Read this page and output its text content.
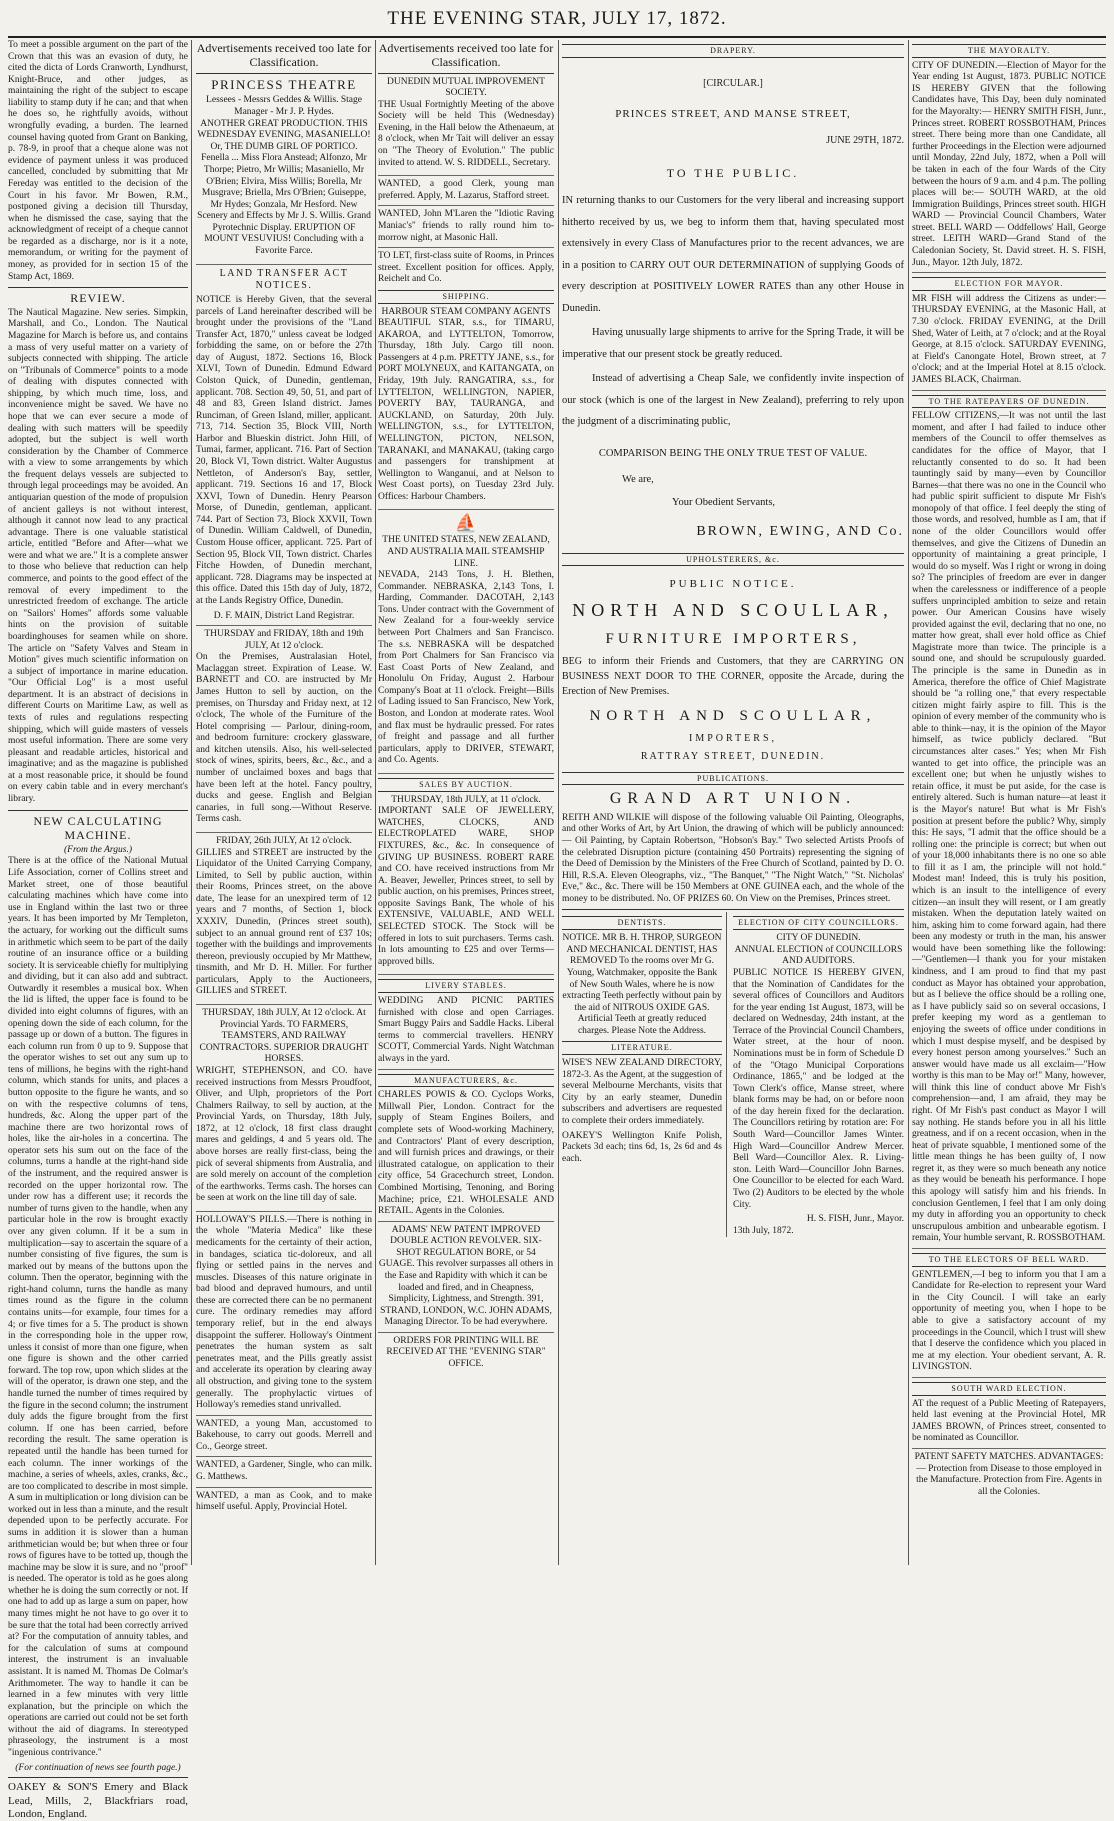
THE EVENING STAR, JULY 17, 1872.

To meet a possible argument on the part of the Crown that this was an evasion of duty, he cited the dicta of Lords Cranworth, Lyndhurst, Knight-Bruce, and other judges, as maintaining the right of the subject to escape liability to stamp duty if he can; and that when he does so, he rightfully avoids, without wrongfully evading, a burden. The learned counsel having quoted from Grant on Banking, p. 78-9, in proof that a cheque alone was not evidence of payment unless it was produced cancelled, concluded by submitting that Mr Fereday was entitled to the decision of the Court in his favor. Mr Bowen, R.M., postponed giving a decision till Thursday, when he dismissed the case, saying that the acknowledgment of receipt of a cheque cannot be regarded as a discharge, nor is it a note, memorandum, or writing for the payment of money, as provided for in section 15 of the Stamp Act, 1869.

REVIEW.

The Nautical Magazine. New series. Simpkin, Marshall, and Co., London. The Nautical Magazine for March is before us, and contains a mass of very useful matter on a variety of subjects connected with shipping. The article on "Tribunals of Commerce" points to a mode of dealing with disputes connected with shipping, by which much time, loss, and inconvenience might be saved. We have no hope that we can ever secure a mode of dealing with such matters will be speedily adopted, but the subject is well worth consideration by the Chamber of Commerce with a view to some arrangements by which the frequent delays vessels are subjected to through legal proceedings may be avoided. An antiquarian question of the mode of propulsion of ancient galleys is not without interest, although it cannot now lead to any practical advantage. There is one valuable statistical article, entitled "Before and After—what we were and what we are." It is a complete answer to those who believe that reduction can help commerce, and points to the good effect of the removal of every impediment to the unrestricted freedom of exchange. The article on "Sailors' Homes" affords some valuable hints on the provision of suitable boardinghouses for seamen while on shore. The article on "Safety Valves and Steam in Motion" gives much scientific information on a subject of importance in marine education. "Our Official Log" is a most useful department. It is an abstract of decisions in different Courts on Maritime Law, as well as texts of rules and regulations respecting shipping, which will guide masters of vessels most useful information. There are some very pleasant and readable articles, historical and imaginative; and as the magazine is published at a most reasonable price, it should be found on every cabin table and in every merchant's library.

NEW CALCULATING MACHINE.
(From the Argus.)

There is at the office of the National Mutual Life Association, corner of Collins street and Market street, one of those beautiful calculating machines which have come into use in England within the last two or three years. It has been imported by Mr Templeton, the actuary, for working out the difficult sums in arithmetic which seem to be part of the daily routine of an insurance office or a building society. It is serviceable chiefly for multiplying and dividing, but it can also add and subtract. Outwardly it resembles a musical box. When the lid is lifted, the upper face is found to be divided into eight columns of figures, with an opening down the side of each column, for the passage up or down of a button. The figures in each column run from 0 up to 9. Suppose that the operator wishes to set out any sum up to tens of millions, he begins with the right-hand column, which stands for units, and places a button opposite to the figure he wants, and so on with the respective columns of tens, hundreds, &c. Along the upper part of the machine there are two horizontal rows of holes, like the air-holes in a concertina. The operator sets his sum out on the face of the columns, turns a handle at the right-hand side of the instrument, and the required answer is recorded on the upper horizontal row. The under row has a different use; it records the number of turns given to the handle, when any particular hole in the row is brought exactly over any given column. If it be a sum in multiplication—say to ascertain the square of a number consisting of five figures, the sum is marked out by means of the buttons upon the column. Then the operator, beginning with the right-hand column, turns the handle as many times round as the figure in the column contains units—for example, four times for a 4; or five times for a 5. The product is shown in the corresponding hole in the upper row, unless it consist of more than one figure, when one figure is shown and the other carried forward. The top row, upon which slides at the will of the operator, is drawn one step, and the handle turned the number of times required by the figure in the second column; the instrument duly adds the figure brought from the first column. If one has been carried, before recording the result. The same operation is repeated until the handle has been turned for each column. The inner workings of the machine, a series of wheels, axles, cranks, &c., are too complicated to describe in most simple. A sum in multiplication or long division can be worked out in less than a minute, and the result depended upon to be perfectly accurate. For sums in addition it is slower than a human arithmetician would be; but when three or four rows of figures have to be totted up, though the machine may be slow it is sure, and no "proof" is needed. The operator is told as he goes along whether he is doing the sum correctly or not. If one had to add up as large a sum on paper, how many times might he not have to go over it to be sure that the total had been correctly arrived at? For the computation of annuity tables, and for the calculation of sums at compound interest, the instrument is an invaluable assistant. It is named M. Thomas De Colmar's Arithmometer. The way to handle it can be learned in a few minutes with very little explanation, but the principle on which the operations are carried out could not be set forth without the aid of diagrams. In stereotyped phraseology, the instrument is a most "ingenious contrivance."

(For continuation of news see fourth page.)

OAKEY & SON'S Emery and Black Lead, Mills, 2, Blackfriars road, London, England.

Advertisements received too late for Classification.
PRINCESS THEATRE
Lessees - Messrs Geddes & Willis. Stage Manager - Mr J. P. Hydes.

ANOTHER GREAT PRODUCTION. THIS WEDNESDAY EVENING, MASANIELLO! Or, THE DUMB GIRL OF PORTICO. Fenella ... Miss Flora Anstead; Alfonzo, Mr Thorpe; Pietro, Mr Willis; Masaniello, Mr O'Brien; Elvira, Miss Willis; Borella, Mr Musgrave; Briella, Mrs O'Brien; Guiseppe, Mr Hydes; Gonzala, Mr Hesford. New Scenery and Effects by Mr J. S. Willis. Grand Pyrotechnic Display. ERUPTION OF MOUNT VESUVIUS! Concluding with a Favorite Farce.

LAND TRANSFER ACT NOTICES.

NOTICE is Hereby Given, that the several parcels of Land hereinafter described will be brought under the provisions of the "Land Transfer Act, 1870," unless caveat be lodged forbidding the same, on or before the 27th day of August, 1872. Sections 16, Block XLVI, Town of Dunedin. Edmund Edward Colston Quick, of Dunedin, gentleman, applicant. 708. Section 49, 50, 51, and part of 48 and 83, Green Island district. James Runciman, of Green Island, miller, applicant. 713, 714. Section 35, Block VIII, North Harbor and Blueskin district. John Hill, of Tumai, farmer, applicant. 716. Part of Section 20, Block VI, Town district. Walter Augustus Nettleton, of Anderson's Bay, settler, applicant. 719. Sections 16 and 17, Block XXVI, Town of Dunedin. Henry Pearson Morse, of Dunedin, gentleman, applicant. 744. Part of Section 73, Block XXVII, Town of Dunedin. William Caldwell, of Dunedin, Custom House officer, applicant. 725. Part of Section 95, Block VII, Town district. Charles Fitche Howden, of Dunedin merchant, applicant. 728. Diagrams may be inspected at this office. Dated this 15th day of July, 1872, at the Lands Registry Office, Dunedin.

D. F. MAIN, District Land Registrar.
THURSDAY and FRIDAY, 18th and 19th JULY, At 12 o'clock.

On the Premises, Australasian Hotel, Maclaggan street. Expiration of Lease. W. BARNETT and CO. are instructed by Mr James Hutton to sell by auction, on the premises, on Thursday and Friday next, at 12 o'clock, The whole of the Furniture of the Hotel comprising — Parlour, dining-room, and bedroom furniture: crockery glassware, and kitchen utensils. Also, his well-selected stock of wines, spirits, beers, &c., &c., and a number of unclaimed boxes and bags that have been left at the hotel. Fancy poultry, ducks and geese. English and Belgian canaries, in full song.—Without Reserve. Terms cash.

FRIDAY, 26th JULY, At 12 o'clock.

GILLIES and STREET are instructed by the Liquidator of the United Carrying Company, Limited, to Sell by public auction, within their Rooms, Princes street, on the above date, The lease for an unexpired term of 12 years and 7 months, of Section 1, block XXXIV, Dunedin, (Princes street south), subject to an annual ground rent of £37 10s; together with the buildings and improvements thereon, previously occupied by Mr Matthew, tinsmith, and Mr D. H. Miller. For further particulars, Apply to the Auctioneers, GILLIES and STREET.

THURSDAY, 18th JULY, At 12 o'clock. At Provincial Yards. TO FARMERS, TEAMSTERS, AND RAILWAY CONTRACTORS. SUPERIOR DRAUGHT HORSES.

WRIGHT, STEPHENSON, and CO. have received instructions from Messrs Proudfoot, Oliver, and Ulph, proprietors of the Port Chalmers Railway, to sell by auction, at the Provincial Yards, on Thursday, 18th July, 1872, at 12 o'clock, 18 first class draught mares and geldings, 4 and 5 years old. The above horses are really first-class, being the pick of several shipments from Australia, and are sold merely on account of the completion of the earthworks. Terms cash. The horses can be seen at work on the line till day of sale.

HOLLOWAY'S PILLS.—There is nothing in the whole "Materia Medica" like these medicaments for the certainty of their action, in bandages, sciatica tic-doloreux, and all flying or settled pains in the nerves and muscles. Diseases of this nature originate in bad blood and depraved humours, and until these are corrected there can be no permanent cure. The ordinary remedies may afford temporary relief, but in the end always disappoint the sufferer. Holloway's Ointment penetrates the human system as salt penetrates meat, and the Pills greatly assist and accelerate its operation by clearing away all obstruction, and giving tone to the system generally. The prophylactic virtues of Holloway's remedies stand unrivalled.

WANTED, a young Man, accustomed to Bakehouse, to carry out goods. Merrell and Co., George street.

WANTED, a Gardener, Single, who can milk. G. Matthews.

WANTED, a man as Cook, and to make himself useful. Apply, Provincial Hotel.

Advertisements received too late for Classification.
DUNEDIN MUTUAL IMPROVEMENT SOCIETY.

THE Usual Fortnightly Meeting of the above Society will be held This (Wednesday) Evening, in the Hall below the Athenaeum, at 8 o'clock, when Mr Tait will deliver an essay on "The Theory of Evolution." The public invited to attend. W. S. RIDDELL, Secretary.

WANTED, a good Clerk, young man preferred. Apply, M. Lazarus, Stafford street.

WANTED, John M'Laren the "Idiotic Raving Maniac's" friends to rally round him to-morrow night, at Masonic Hall.

TO LET, first-class suite of Rooms, in Princes street. Excellent position for offices. Apply, Reichelt and Co.

SHIPPING.
HARBOUR STEAM COMPANY AGENTS

BEAUTIFUL STAR, s.s., for TIMARU, AKAROA, and LYTTELTON, Tomorrow, Thursday, 18th July. Cargo till noon. Passengers at 4 p.m. PRETTY JANE, s.s., for PORT MOLYNEUX, and KAITANGATA, on Friday, 19th July. RANGATIRA, s.s., for LYTTELTON, WELLINGTON, NAPIER, POVERTY BAY, TAURANGA, and AUCKLAND, on Saturday, 20th July. WELLINGTON, s.s., for LYTTELTON, WELLINGTON, PICTON, NELSON, TARANAKI, and MANAKAU, (taking cargo and passengers for transhipment at Wellington to Wanganui, and at Nelson to West Coast ports), on Tuesday 23rd July. Offices: Harbour Chambers.

⛵
THE UNITED STATES, NEW ZEALAND, AND AUSTRALIA MAIL STEAMSHIP LINE.

NEVADA, 2143 Tons, J. H. Blethen, Commander. NEBRASKA, 2,143 Tons, I. Harding, Commander. DACOTAH, 2,143 Tons. Under contract with the Government of New Zealand for a four-weekly service between Port Chalmers and San Francisco. The s.s. NEBRASKA will be despatched from Port Chalmers for San Francisco via East Coast Ports of New Zealand, and Honolulu On Friday, August 2. Harbour Company's Boat at 11 o'clock. Freight—Bills of Lading issued to San Francisco, New York, Boston, and London at moderate rates. Wool and flax must be hydraulic pressed. For rates of freight and passage and all further particulars, apply to DRIVER, STEWART, and Co. Agents.

SALES BY AUCTION.
THURSDAY, 18th JULY, at 11 o'clock.

IMPORTANT SALE OF JEWELLERY, WATCHES, CLOCKS, AND ELECTROPLATED WARE, SHOP FIXTURES, &c., &c. In consequence of GIVING UP BUSINESS. ROBERT RARE and CO. have received instructions from Mr A. Beaver, Jeweller, Princes street, to sell by public auction, on his premises, Princes street, opposite Savings Bank, The whole of his EXTENSIVE, VALUABLE, AND WELL SELECTED STOCK. The Stock will be offered in lots to suit purchasers. Terms cash. In lots amounting to £25 and over Terms—approved bills.

LIVERY STABLES.

WEDDING AND PICNIC PARTIES furnished with close and open Carriages. Smart Buggy Pairs and Saddle Hacks. Liberal terms to commercial travellers. HENRY SCOTT, Commercial Yards. Night Watchman always in the yard.

MANUFACTURERS, &c.

CHARLES POWIS & CO. Cyclops Works, Millwall Pier, London. Contract for the supply of Steam Engines Boilers, and complete sets of Wood-working Machinery, and Contractors' Plant of every description, and will furnish prices and drawings, or their illustrated catalogue, on application to their city office, 54 Gracechurch street, London. Combined Mortising, Tenoning, and Boring Machine; price, £21. WHOLESALE AND RETAIL. Agents in the Colonies.

ADAMS' NEW PATENT IMPROVED DOUBLE ACTION REVOLVER. SIX-SHOT REGULATION BORE, or 54 GUAGE. This revolver surpasses all others in the Ease and Rapidity with which it can be loaded and fired, and in Cheapness, Simplicity, Lightness, and Strength. 391, STRAND, LONDON, W.C. JOHN ADAMS, Managing Director. To be had everywhere.

ORDERS FOR PRINTING WILL BE RECEIVED AT THE "EVENING STAR" OFFICE.

DRAPERY.
[CIRCULAR.]
PRINCES STREET, AND MANSE STREET,
JUNE 29TH, 1872.
TO THE PUBLIC.

IN returning thanks to our Customers for the very liberal and increasing support hitherto received by us, we beg to inform them that, having speculated most extensively in every Class of Manufactures prior to the recent advances, we are in a position to CARRY OUT OUR DETERMINATION of supplying Goods of every description at POSITIVELY LOWER RATES than any other House in Dunedin.

Having unusually large shipments to arrive for the Spring Trade, it will be imperative that our present stock be greatly reduced.

Instead of advertising a Cheap Sale, we confidently invite inspection of our stock (which is one of the largest in New Zealand), preferring to rely upon the judgment of a discriminating public,

COMPARISON BEING THE ONLY TRUE TEST OF VALUE.
We are,
Your Obedient Servants,
BROWN, EWING, AND Co.
UPHOLSTERERS, &c.
PUBLIC NOTICE.
NORTH AND SCOULLAR,
FURNITURE IMPORTERS,

BEG to inform their Friends and Customers, that they are CARRYING ON BUSINESS NEXT DOOR TO THE CORNER, opposite the Arcade, during the Erection of New Premises.

NORTH AND SCOULLAR,
IMPORTERS,
RATTRAY STREET, DUNEDIN.
PUBLICATIONS.
GRAND ART UNION.

REITH AND WILKIE will dispose of the following valuable Oil Painting, Oleographs, and other Works of Art, by Art Union, the drawing of which will be publicly announced:— Oil Painting, by Captain Robertson, "Hobson's Bay." Two selected Artists Proofs of the celebrated Disruption picture (containing 450 Portraits) representing the signing of the Deed of Demission by the Ministers of the Free Church of Scotland, painted by D. O. Hill, R.S.A. Eleven Oleographs, viz., "The Banquet," "The Night Watch," "St. Nicholas' Eve," &c., &c. There will be 150 Members at ONE GUINEA each, and the whole of the money to be distributed. No. OF PRIZES 60. On View on the Premises, Princes street.

DENTISTS.

NOTICE. MR B. H. THROP, SURGEON AND MECHANICAL DENTIST, HAS REMOVED To the rooms over Mr G. Young, Watchmaker, opposite the Bank of New South Wales, where he is now extracting Teeth perfectly without pain by the aid of NITROUS OXIDE GAS. Artificial Teeth at greatly reduced charges. Please Note the Address.

LITERATURE.

WISE'S NEW ZEALAND DIRECTORY, 1872-3. As the Agent, at the suggestion of several Melbourne Merchants, visits that City by an early steamer, Dunedin subscribers and advertisers are requested to complete their orders immediately.

OAKEY'S Wellington Knife Polish, Packets 3d each; tins 6d, 1s, 2s 6d and 4s each.

ELECTION OF CITY COUNCILLORS.
CITY OF DUNEDIN.
ANNUAL ELECTION of COUNCILLORS AND AUDITORS.

PUBLIC NOTICE IS HEREBY GIVEN, that the Nomination of Candidates for the several offices of Councillors and Auditors for the year ending 1st August, 1873, will be declared on Wednesday, 24th instant, at the Terrace of the Provincial Council Chambers, Water street, at the hour of noon. Nominations must be in form of Schedule D of the "Otago Municipal Corporations Ordinance, 1865," and be lodged at the Town Clerk's office, Manse street, where blank forms may be had, on or before noon of the day herein fixed for the declaration. The Councillors retiring by rotation are: For South Ward—Councillor James Winter. High Ward—Councillor Andrew Mercer. Bell Ward—Councillor Alex. R. Living-ston. Leith Ward—Councillor John Barnes. One Councillor to be elected for each Ward. Two (2) Auditors to be elected by the whole City.

H. S. FISH, Junr., Mayor.
13th July, 1872.
THE MAYORALTY.

CITY OF DUNEDIN.—Election of Mayor for the Year ending 1st August, 1873. PUBLIC NOTICE IS HEREBY GIVEN that the following Candidates have, This Day, been duly nominated for the Mayoralty:— HENRY SMITH FISH, Junr., Princes street. ROBERT ROSSBOTHAM, Princes street. There being more than one Candidate, all further Proceedings in the Election were adjourned until Monday, 22nd July, 1872, when a Poll will be taken in each of the four Wards of the City between the hours of 9 a.m. and 4 p.m. The polling places will be:— SOUTH WARD, at the old Immigration Buildings, Princes street south. HIGH WARD — Provincial Council Chambers, Water street. BELL WARD — Oddfellows' Hall, George street. LEITH WARD—Grand Stand of the Caledonian Society, St. David street. H. S. FISH, Jun., Mayor. 12th July, 1872.

ELECTION FOR MAYOR.

MR FISH will address the Citizens as under:— THURSDAY EVENING, at the Masonic Hall, at 7.30 o'clock. FRIDAY EVENING, at the Drill Shed, Water of Leith, at 7 o'clock; and at the Royal George, at 8.15 o'clock. SATURDAY EVENING, at Field's Canongate Hotel, Brown street, at 7 o'clock; and at the Imperial Hotel at 8.15 o'clock. JAMES BLACK, Chairman.

TO THE RATEPAYERS OF DUNEDIN.

FELLOW CITIZENS,—It was not until the last moment, and after I had failed to induce other members of the Council to offer themselves as candidates for the office of Mayor, that I reluctantly consented to do so. It had been tauntingly said by many—even by Councillor Barnes—that there was no one in the Council who had public spirit sufficient to dispute Mr Fish's monopoly of that office. I feel deeply the sting of those words, and resolved, humble as I am, that if none of the older Councillors would offer themselves, and give the Citizens of Dunedin an opportunity of maintaining a great principle, I would do so myself. Was I right or wrong in doing so? The principles of freedom are ever in danger when the carelessness or indifference of a people suffers unprincipled ambition to seize and retain power. Our American Cousins have wisely provided against the evil, declaring that no one, no matter how great, shall ever hold office as Chief Magistrate more than twice. The principle is a sound one, and should be scrupulously guarded. The principle is the same in Dunedin as in America, therefore the office of Chief Magistrate should be "a rolling one," that every respectable citizen might fairly aspire to fill. This is the opinion of every member of the community who is able to think—nay, it is the opinion of the Mayor himself, as twice publicly declared. "But circumstances alter cases." Yes; when Mr Fish wanted to get into office, the principle was an excellent one; but when he unjustly wishes to retain office, it must be put aside, for the case is entirely altered. Such is human nature—at least it is the Mayor's nature! But what is Mr Fish's position at present before the public? Why, simply this: He says, "I admit that the office should be a rolling one: the principle is correct; but when out of your 18,000 inhabitants there is no one so able to fill it as I am, the principle will not hold." Modest man! Indeed, this is truly his position, which is an insult to the intelligence of every citizen—an insult they will resent, or I am greatly mistaken. When the deputation lately waited on him, asking him to come forward again, had there been any modesty or truth in the man, his answer would have been something like the following:—"Gentlemen—I thank you for your mistaken kindness, and I am proud to find that my past conduct as Mayor has obtained your approbation, but as I believe the office should be a rolling one, as I have publicly said so on several occasions, I prefer keeping my word as a gentleman to enjoying the sweets of office under conditions in which I must despise myself, and be despised by every honest person among yourselves." Such an answer would have made us all exclaim—"How worthy is this man to be May or!" Many, however, will think this line of conduct above Mr Fish's comprehension—and, I am afraid, they may be right. Of Mr Fish's past conduct as Mayor I will say nothing. He stands before you in all his little greatness, and if on a recent occasion, when in the heat of private squabble, I mentioned some of the little mean things he has been guilty of, I now regret it, as they were so much beneath any notice as they would be beneath his performance. I hope this apology will satisfy him and his friends. In conclusion Gentlemen, I feel that I am only doing my duty in affording you an opportunity to check unscrupulous ambition and unbearable egotism. I remain, Your humble servant, R. ROSSBOTHAM.

TO THE ELECTORS OF BELL WARD.

GENTLEMEN,—I beg to inform you that I am a Candidate for Re-election to represent your Ward in the City Council. I will take an early opportunity of meeting you, when I hope to be able to give a satisfactory account of my proceedings in the Council, which I trust will shew that I deserve the confidence which you placed in me at my election. Your obedient servant, A. R. LIVINGSTON.

SOUTH WARD ELECTION.

AT the request of a Public Meeting of Ratepayers, held last evening at the Provincial Hotel, MR JAMES BROWN, of Princes street, consented to be nominated as Councillor.

PATENT SAFETY MATCHES. ADVANTAGES:— Protection from Disease to those employed in the Manufacture. Protection from Fire. Agents in all the Colonies.
